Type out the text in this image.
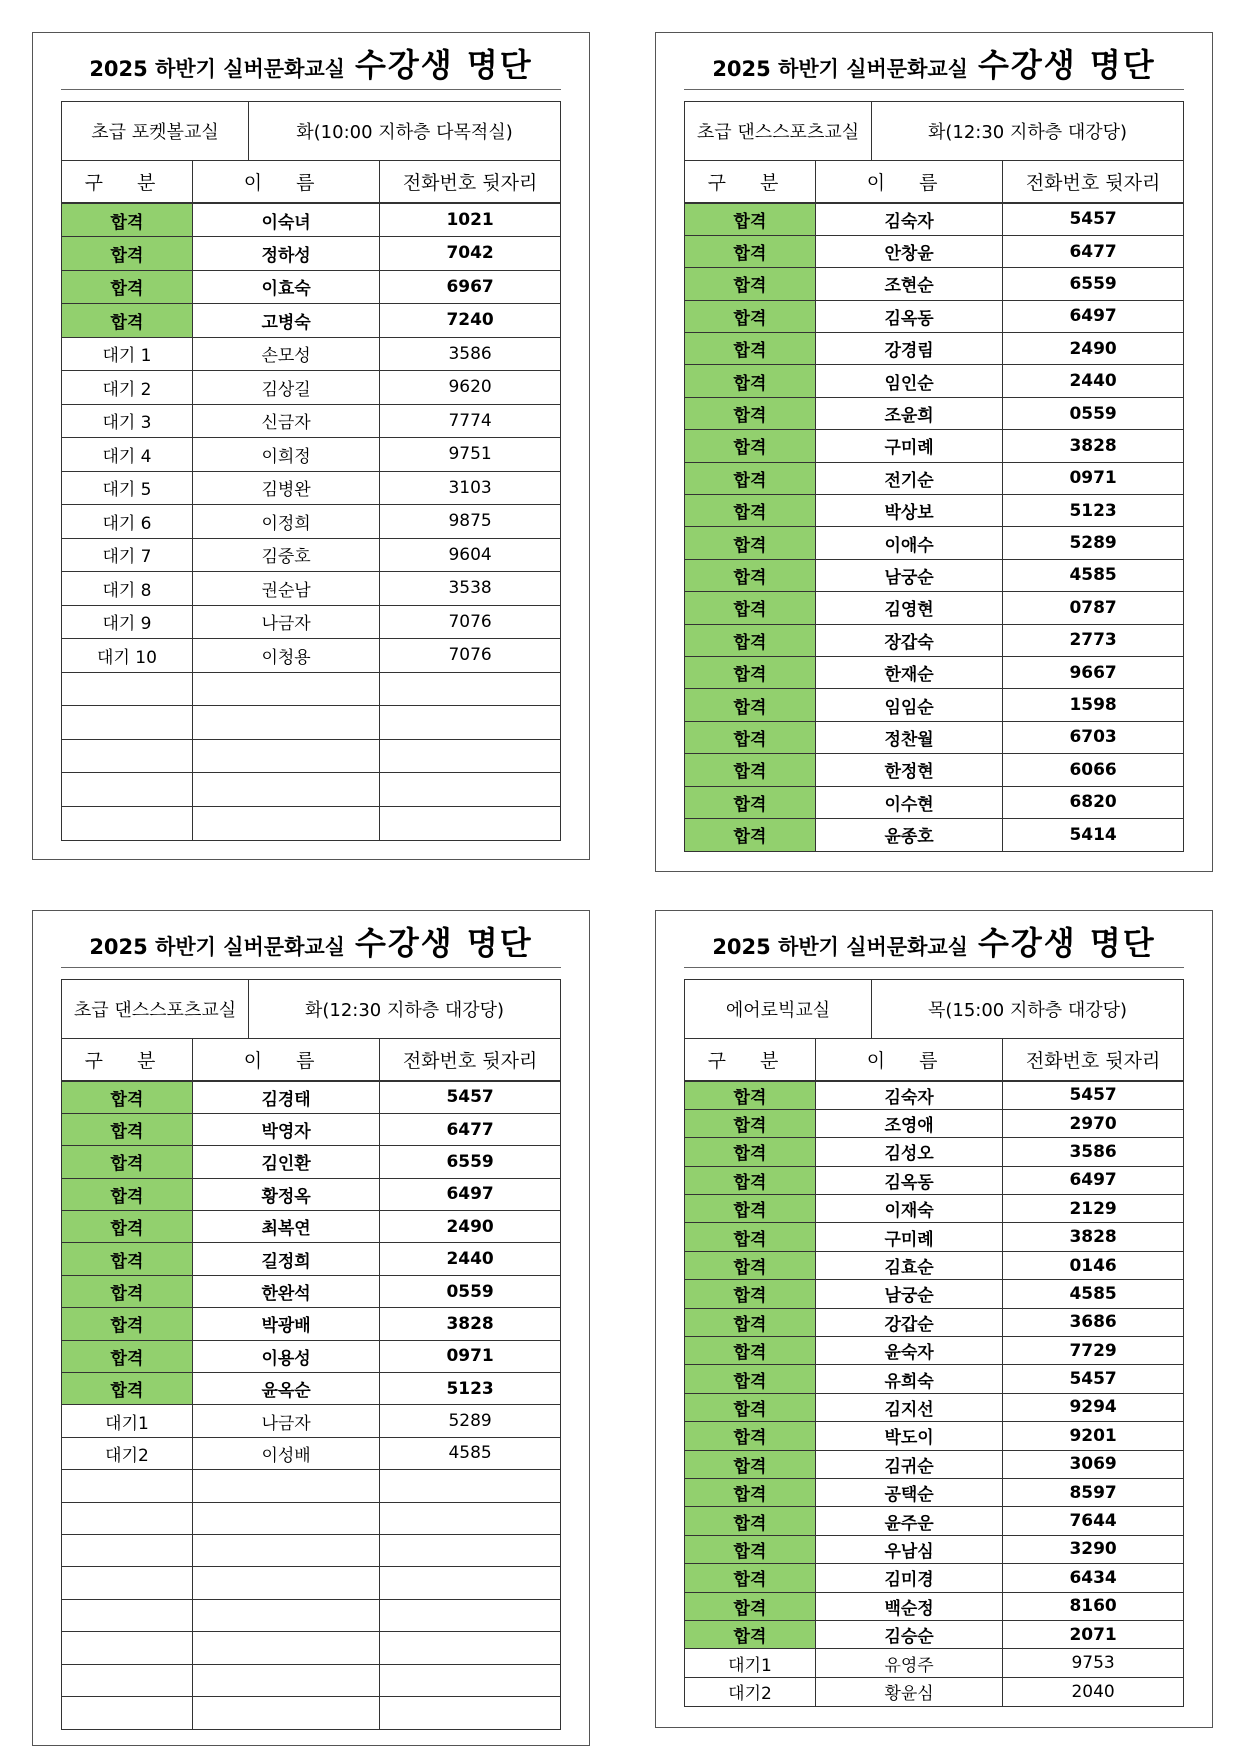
2025 하반기 실버문화교실 수강생 명단
초급 포켓볼교실	화(10:00 지하층 다목적실)
구 분	이 름	전화번호 뒷자리
합격	이숙녀	1021
합격	정하성	7042
합격	이효숙	6967
합격	고병숙	7240
대기 1	손모성	3586
대기 2	김상길	9620
대기 3	신금자	7774
대기 4	이희정	9751
대기 5	김병완	3103
대기 6	이정희	9875
대기 7	김중호	9604
대기 8	권순남	3538
대기 9	나금자	7076
대기 10	이청용	7076

2025 하반기 실버문화교실 수강생 명단
초급 댄스스포츠교실	화(12:30 지하층 대강당)
구 분	이 름	전화번호 뒷자리
합격	김숙자	5457
합격	안창윤	6477
합격	조현순	6559
합격	김옥동	6497
합격	강경림	2490
합격	임인순	2440
합격	조윤희	0559
합격	구미례	3828
합격	전기순	0971
합격	박상보	5123
합격	이애수	5289
합격	남궁순	4585
합격	김영현	0787
합격	장갑숙	2773
합격	한재순	9667
합격	임임순	1598
합격	정찬월	6703
합격	한정현	6066
합격	이수현	6820
합격	윤종호	5414
2025 하반기 실버문화교실 수강생 명단
초급 댄스스포츠교실	화(12:30 지하층 대강당)
구 분	이 름	전화번호 뒷자리
합격	김경태	5457
합격	박영자	6477
합격	김인환	6559
합격	황정옥	6497
합격	최복연	2490
합격	길정희	2440
합격	한완석	0559
합격	박광배	3828
합격	이용성	0971
합격	윤옥순	5123
대기1	나금자	5289
대기2	이성배	4585

2025 하반기 실버문화교실 수강생 명단
에어로빅교실	목(15:00 지하층 대강당)
구 분	이 름	전화번호 뒷자리
합격	김숙자	5457
합격	조영애	2970
합격	김성오	3586
합격	김옥동	6497
합격	이재숙	2129
합격	구미례	3828
합격	김효순	0146
합격	남궁순	4585
합격	강갑순	3686
합격	윤숙자	7729
합격	유희숙	5457
합격	김지선	9294
합격	박도이	9201
합격	김귀순	3069
합격	공택순	8597
합격	윤주운	7644
합격	우남심	3290
합격	김미경	6434
합격	백순정	8160
합격	김승순	2071
대기1	유영주	9753
대기2	황윤심	2040
